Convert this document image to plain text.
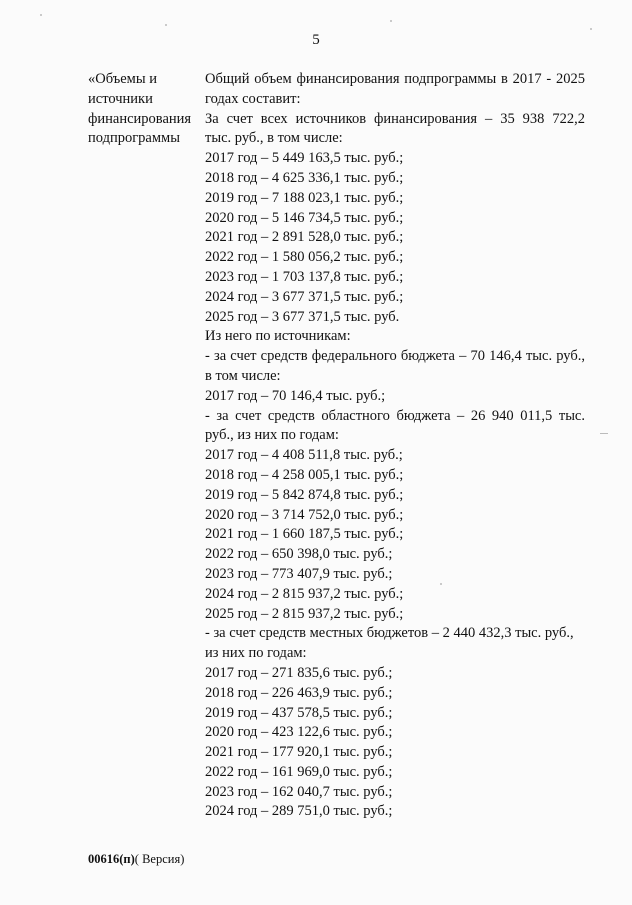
5
«Объемы и
источники
финансирования
подпрограммы
Общий объем финансирования подпрограммы в 2017 - 2025
годах составит:
За счет всех источников финансирования – 35 938 722,2
тыс. руб., в том числе:
2017 год – 5 449 163,5 тыс. руб.;
2018 год – 4 625 336,1 тыс. руб.;
2019 год – 7 188 023,1 тыс. руб.;
2020 год – 5 146 734,5 тыс. руб.;
2021 год – 2 891 528,0 тыс. руб.;
2022 год – 1 580 056,2 тыс. руб.;
2023 год – 1 703 137,8 тыс. руб.;
2024 год – 3 677 371,5 тыс. руб.;
2025 год – 3 677 371,5 тыс. руб.
Из него по источникам:
- за счет средств федерального бюджета – 70 146,4 тыс. руб.,
в том числе:
2017 год – 70 146,4 тыс. руб.;
- за счет средств областного бюджета – 26 940 011,5 тыс.
руб., из них по годам:
2017 год – 4 408 511,8 тыс. руб.;
2018 год – 4 258 005,1 тыс. руб.;
2019 год – 5 842 874,8 тыс. руб.;
2020 год – 3 714 752,0 тыс. руб.;
2021 год – 1 660 187,5 тыс. руб.;
2022 год – 650 398,0 тыс. руб.;
2023 год – 773 407,9 тыс. руб.;
2024 год – 2 815 937,2 тыс. руб.;
2025 год – 2 815 937,2 тыс. руб.;
- за счет средств местных бюджетов – 2 440 432,3 тыс. руб.,
из них по годам:
2017 год – 271 835,6 тыс. руб.;
2018 год – 226 463,9 тыс. руб.;
2019 год – 437 578,5 тыс. руб.;
2020 год – 423 122,6 тыс. руб.;
2021 год – 177 920,1 тыс. руб.;
2022 год – 161 969,0 тыс. руб.;
2023 год – 162 040,7 тыс. руб.;
2024 год – 289 751,0 тыс. руб.;
00616(п)( Версия)
